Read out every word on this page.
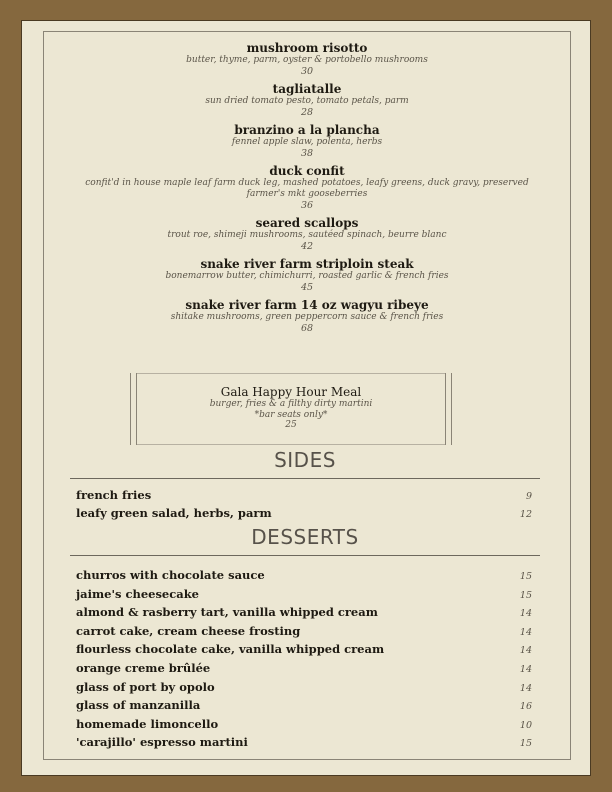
mushroom risotto
butter, thyme, parm, oyster & portobello mushrooms
30
tagliatalle
sun dried tomato pesto, tomato petals, parm
28
branzino a la plancha
fennel apple slaw, polenta, herbs
38
duck confit
confit'd in house maple leaf farm duck leg, mashed potatoes, leafy greens, duck gravy, preserved farmer's mkt gooseberries
36
seared scallops
trout roe, shimeji mushrooms, sautéed spinach, beurre blanc
42
snake river farm striploin steak
bonemarrow butter, chimichurri, roasted garlic & french fries
45
snake river farm 14 oz wagyu ribeye
shitake mushrooms, green peppercorn sauce & french fries
68
Gala Happy Hour Meal
burger, fries & a filthy dirty martini
*bar seats only*
25
SIDES
french fries	9
leafy green salad, herbs, parm	12
DESSERTS
churros with chocolate sauce	15
jaime's cheesecake	15
almond & rasberry tart, vanilla whipped cream	14
carrot cake, cream cheese frosting	14
flourless chocolate cake, vanilla whipped cream	14
orange creme brûlée	14
glass of port by opolo	14
glass of manzanilla	16
homemade limoncello	10
'carajillo' espresso martini	15
